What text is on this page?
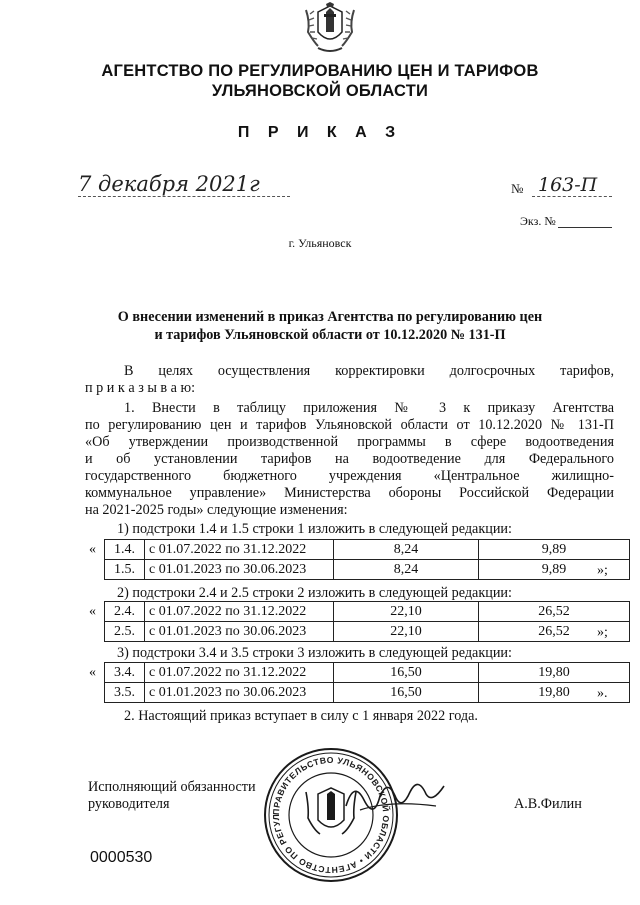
АГЕНТСТВО ПО РЕГУЛИРОВАНИЮ ЦЕН И ТАРИФОВ
УЛЬЯНОВСКОЙ ОБЛАСТИ
П Р И К А З
7 декабря 2021г	№ 163-П
Экз. №
г. Ульяновск
О внесении изменений в приказ Агентства по регулированию цен
и тарифов Ульяновской области от 10.12.2020 № 131-П
В целях осуществления корректировки долгосрочных тарифов,
п р и к а з ы в а ю:
1. Внести в таблицу приложения № 3 к приказу Агентства
по регулированию цен и тарифов Ульяновской области от 10.12.2020 № 131-П
«Об утверждении производственной программы в сфере водоотведения
и об установлении тарифов на водоотведение для Федерального
государственного бюджетного учреждения «Центральное жилищно-
коммунальное управление» Министерства обороны Российской Федерации
на 2021-2025 годы» следующие изменения:
1) подстроки 1.4 и 1.5 строки 1 изложить в следующей редакции:
« 1.4.	с 01.07.2022 по 31.12.2022	8,24	9,89
1.5.	с 01.01.2023 по 30.06.2023	8,24	9,89 »;
2) подстроки 2.4 и 2.5 строки 2 изложить в следующей редакции:
« 2.4.	с 01.07.2022 по 31.12.2022	22,10	26,52
2.5.	с 01.01.2023 по 30.06.2023	22,10	26,52 »;
3) подстроки 3.4 и 3.5 строки 3 изложить в следующей редакции:
« 3.4.	с 01.07.2022 по 31.12.2022	16,50	19,80
3.5.	с 01.01.2023 по 30.06.2023	16,50	19,80 ».
2. Настоящий приказ вступает в силу с 1 января 2022 года.
Исполняющий обязанности
руководителя	А.В.Филин
ПРАВИТЕЛЬСТВО УЛЬЯНОВСКОЙ ОБЛАСТИ • АГЕНТСТВО ПО РЕГУЛ
0000530
